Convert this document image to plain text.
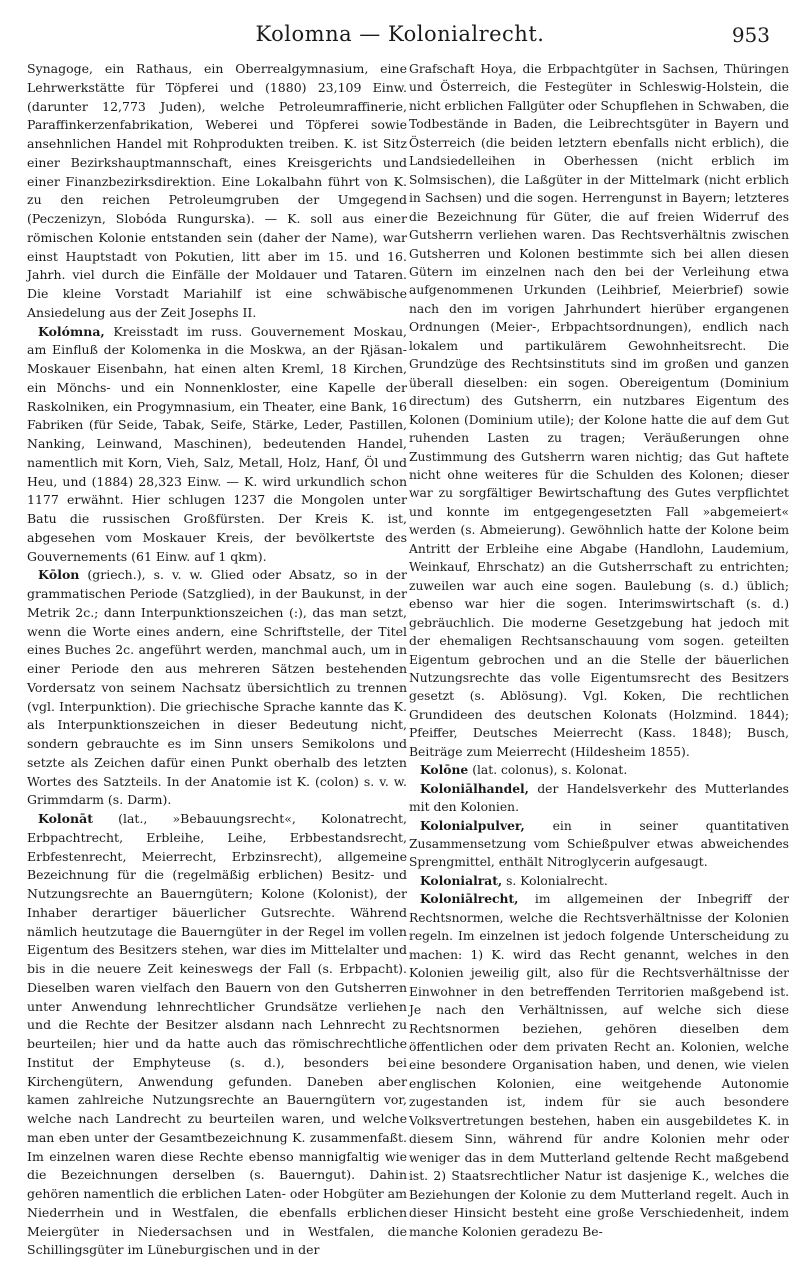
Kolomna — Kolonialrecht.	953

Synagoge, ein Rathaus, ein Oberrealgymnasium, eine Lehrwerkstätte für Töpferei und (1880) 23,109 Einw. (darunter 12,773 Juden), welche Petroleumraffinerie, Paraffinkerzenfabrikation, Weberei und Töpferei sowie ansehnlichen Handel mit Rohprodukten treiben. K. ist Sitz einer Bezirkshauptmannschaft, eines Kreisgerichts und einer Finanzbezirksdirektion. Eine Lokalbahn führt von K. zu den reichen Petroleumgruben der Umgegend (Peczenizyn, Slobóda Rungurska). — K. soll aus einer römischen Kolonie entstanden sein (daher der Name), war einst Hauptstadt von Pokutien, litt aber im 15. und 16. Jahrh. viel durch die Einfälle der Moldauer und Tataren. Die kleine Vorstadt Mariahilf ist eine schwäbische Ansiedelung aus der Zeit Josephs II.

Kolómna, Kreisstadt im russ. Gouvernement Moskau, am Einfluß der Kolomenka in die Moskwa, an der Rjäsan-Moskauer Eisenbahn, hat einen alten Kreml, 18 Kirchen, ein Mönchs- und ein Nonnenkloster, eine Kapelle der Raskolniken, ein Progymnasium, ein Theater, eine Bank, 16 Fabriken (für Seide, Tabak, Seife, Stärke, Leder, Pastillen, Nanking, Leinwand, Maschinen), bedeutenden Handel, namentlich mit Korn, Vieh, Salz, Metall, Holz, Hanf, Öl und Heu, und (1884) 28,323 Einw. — K. wird urkundlich schon 1177 erwähnt. Hier schlugen 1237 die Mongolen unter Batu die russischen Großfürsten. Der Kreis K. ist, abgesehen vom Moskauer Kreis, der bevölkertste des Gouvernements (61 Einw. auf 1 qkm).

Kōlon (griech.), s. v. w. Glied oder Absatz, so in der grammatischen Periode (Satzglied), in der Baukunst, in der Metrik 2c.; dann Interpunktionszeichen (:), das man setzt, wenn die Worte eines andern, eine Schriftstelle, der Titel eines Buches 2c. angeführt werden, manchmal auch, um in einer Periode den aus mehreren Sätzen bestehenden Vordersatz von seinem Nachsatz übersichtlich zu trennen (vgl. Interpunktion). Die griechische Sprache kannte das K. als Interpunktionszeichen in dieser Bedeutung nicht, sondern gebrauchte es im Sinn unsers Semikolons und setzte als Zeichen dafür einen Punkt oberhalb des letzten Wortes des Satzteils. In der Anatomie ist K. (colon) s. v. w. Grimmdarm (s. Darm).

Kolonāt (lat., »Bebauungsrecht«, Kolonatrecht, Erbpachtrecht, Erbleihe, Leihe, Erbbestandsrecht, Erbfestenrecht, Meierrecht, Erbzinsrecht), allgemeine Bezeichnung für die (regelmäßig erblichen) Besitz- und Nutzungsrechte an Bauerngütern; Kolone (Kolonist), der Inhaber derartiger bäuerlicher Gutsrechte. Während nämlich heutzutage die Bauerngüter in der Regel im vollen Eigentum des Besitzers stehen, war dies im Mittelalter und bis in die neuere Zeit keineswegs der Fall (s. Erbpacht). Dieselben waren vielfach den Bauern von den Gutsherren unter Anwendung lehnrechtlicher Grundsätze verliehen und die Rechte der Besitzer alsdann nach Lehnrecht zu beurteilen; hier und da hatte auch das römischrechtliche Institut der Emphyteuse (s. d.), besonders bei Kirchengütern, Anwendung gefunden. Daneben aber kamen zahlreiche Nutzungsrechte an Bauerngütern vor, welche nach Landrecht zu beurteilen waren, und welche man eben unter der Gesamtbezeichnung K. zusammenfaßt. Im einzelnen waren diese Rechte ebenso mannigfaltig wie die Bezeichnungen derselben (s. Bauerngut). Dahin gehören namentlich die erblichen Laten- oder Hobgüter am Niederrhein und in Westfalen, die ebenfalls erblichen Meiergüter in Niedersachsen und in Westfalen, die Schillingsgüter im Lüneburgischen und in der

Grafschaft Hoya, die Erbpachtgüter in Sachsen, Thüringen und Österreich, die Festegüter in Schleswig-Holstein, die nicht erblichen Fallgüter oder Schupflehen in Schwaben, die Todbestände in Baden, die Leibrechtsgüter in Bayern und Österreich (die beiden letztern ebenfalls nicht erblich), die Landsiedelleihen in Oberhessen (nicht erblich im Solmsischen), die Laßgüter in der Mittelmark (nicht erblich in Sachsen) und die sogen. Herrengunst in Bayern; letzteres die Bezeichnung für Güter, die auf freien Widerruf des Gutsherrn verliehen waren. Das Rechtsverhältnis zwischen Gutsherren und Kolonen bestimmte sich bei allen diesen Gütern im einzelnen nach den bei der Verleihung etwa aufgenommenen Urkunden (Leihbrief, Meierbrief) sowie nach den im vorigen Jahrhundert hierüber ergangenen Ordnungen (Meier-, Erbpachtsordnungen), endlich nach lokalem und partikulärem Gewohnheitsrecht. Die Grundzüge des Rechtsinstituts sind im großen und ganzen überall dieselben: ein sogen. Obereigentum (Dominium directum) des Gutsherrn, ein nutzbares Eigentum des Kolonen (Dominium utile); der Kolone hatte die auf dem Gut ruhenden Lasten zu tragen; Veräußerungen ohne Zustimmung des Gutsherrn waren nichtig; das Gut haftete nicht ohne weiteres für die Schulden des Kolonen; dieser war zu sorgfältiger Bewirtschaftung des Gutes verpflichtet und konnte im entgegengesetzten Fall »abgemeiert« werden (s. Abmeierung). Gewöhnlich hatte der Kolone beim Antritt der Erbleihe eine Abgabe (Handlohn, Laudemium, Weinkauf, Ehrschatz) an die Gutsherrschaft zu entrichten; zuweilen war auch eine sogen. Baulebung (s. d.) üblich; ebenso war hier die sogen. Interimswirtschaft (s. d.) gebräuchlich. Die moderne Gesetzgebung hat jedoch mit der ehemaligen Rechtsanschauung vom sogen. geteilten Eigentum gebrochen und an die Stelle der bäuerlichen Nutzungsrechte das volle Eigentumsrecht des Besitzers gesetzt (s. Ablösung). Vgl. Koken, Die rechtlichen Grundideen des deutschen Kolonats (Holzmind. 1844); Pfeiffer, Deutsches Meierrecht (Kass. 1848); Busch, Beiträge zum Meierrecht (Hildesheim 1855).

Kolōne (lat. colonus), s. Kolonat.

Koloniālhandel, der Handelsverkehr des Mutterlandes mit den Kolonien.

Kolonialpulver, ein in seiner quantitativen Zusammensetzung vom Schießpulver etwas abweichendes Sprengmittel, enthält Nitroglycerin aufgesaugt.

Kolonialrat, s. Kolonialrecht.

Koloniālrecht, im allgemeinen der Inbegriff der Rechtsnormen, welche die Rechtsverhältnisse der Kolonien regeln. Im einzelnen ist jedoch folgende Unterscheidung zu machen: 1) K. wird das Recht genannt, welches in den Kolonien jeweilig gilt, also für die Rechtsverhältnisse der Einwohner in den betreffenden Territorien maßgebend ist. Je nach den Verhältnissen, auf welche sich diese Rechtsnormen beziehen, gehören dieselben dem öffentlichen oder dem privaten Recht an. Kolonien, welche eine besondere Organisation haben, und denen, wie vielen englischen Kolonien, eine weitgehende Autonomie zugestanden ist, indem für sie auch besondere Volksvertretungen bestehen, haben ein ausgebildetes K. in diesem Sinn, während für andre Kolonien mehr oder weniger das in dem Mutterland geltende Recht maßgebend ist. 2) Staatsrechtlicher Natur ist dasjenige K., welches die Beziehungen der Kolonie zu dem Mutterland regelt. Auch in dieser Hinsicht besteht eine große Verschiedenheit, indem manche Kolonien geradezu Be-
